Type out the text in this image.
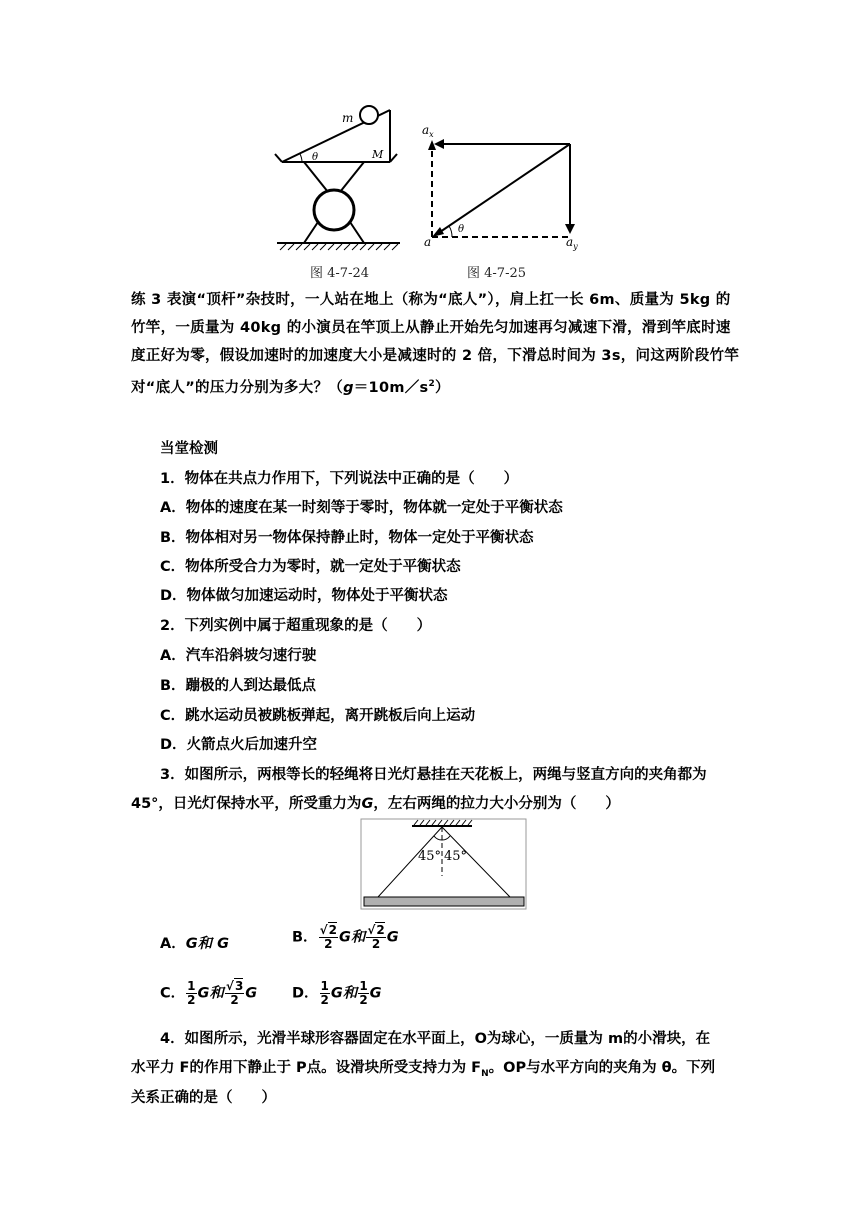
m
M
θ
图 4-7-24
$a_x$
a
θ
$a_y$
图 4-7-25
练 3 表演“顶杆”杂技时，一人站在地上（称为“底人”），肩上扛一长 6m、质量为 5kg 的竹竿，一质量为 40kg 的小演员在竿顶上从静止开始先匀加速再匀减速下滑，滑到竿底时速度正好为零，假设加速时的加速度大小是减速时的 2 倍，下滑总时间为 3s，问这两阶段竹竿对“底人”的压力分别为多大？$(g=10m/s^2)$
当堂检测
1．物体在共点力作用下，下列说法中正确的是（　　）
A．物体的速度在某一时刻等于零时，物体就一定处于平衡状态
B．物体相对另一物体保持静止时，物体一定处于平衡状态
C．物体所受合力为零时，就一定处于平衡状态
D．物体做匀加速运动时，物体处于平衡状态
2．下列实例中属于超重现象的是（　　）
A．汽车沿斜坡匀速行驶
B．蹦极的人到达最低点
C．跳水运动员被跳板弹起，离开跳板后向上运动
D．火箭点火后加速升空
3．如图所示，两根等长的轻绳将日光灯悬挂在天花板上，两绳与竖直方向的夹角都为
45°，日光灯保持水平，所受重力为G，左右两绳的拉力大小分别为（　　）
45° 45°
A．G和 G	B． $\frac{√2}{2}$ G和 $\frac{√2}{2}$ G
C． $\frac{1}{2}$ G和 $\frac{√3}{2}$ G D． $\frac{1}{2}$ G和 $\frac{1}{2}$ G
4．如图所示，光滑半球形容器固定在水平面上，O为球心，一质量为 m的小滑块，在
水平力 F的作用下静止于 P点。设滑块所受支持力为 $F_N$。OP与水平方向的夹角为 θ。下列
关系正确的是（　　）
